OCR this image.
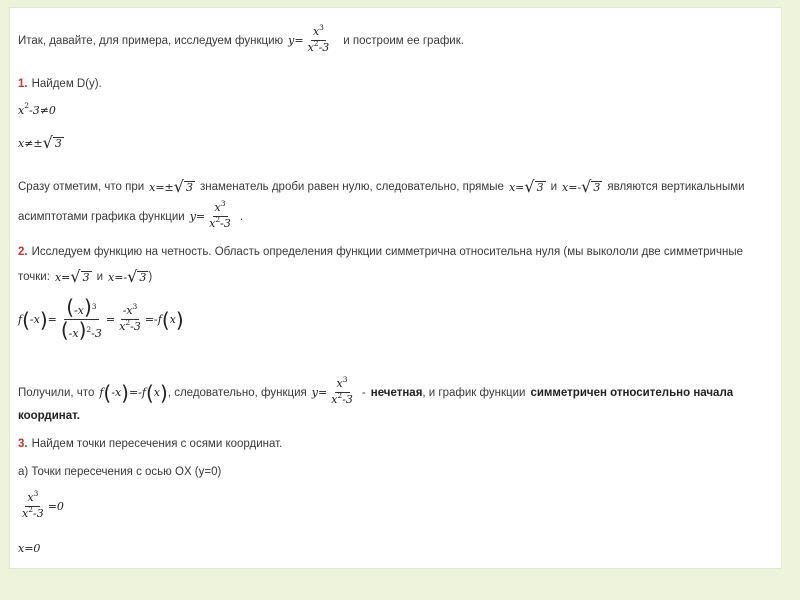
Итак, давайте, для примера, исследуем функцию $y= \frac{x^3}{x^2-3}$ и построим ее график.
1. Найдем D(y).
x 2 -3≠0
x≠± √ 3
Сразу отметим, что при x=± √ 3 знаменатель дроби равен нулю, следовательно, прямые x= √ 3 и x=- √ 3 являются вертикальными
асимптотами графика функции $y= \frac{x^3}{x^2-3}$ .
2. Исследуем функцию на четность. Область определения функции симметрична относительна нуля (мы выкололи две симметричные
точки: x= √ 3 и x=- √ 3 )
f ( -x ) = $\frac{(-x)^3}{(-x)^2-3} = \frac{-x^3}{x^2-3} =-f$ ( x )
Получили, что f ( -x ) =-f ( x ) , следовательно, функция $y= \frac{x^3}{x^2-3}$ - нечетная , и график функции симметричен относительно начала
координат.
3. Найдем точки пересечения с осями координат.
а) Точки пересечения с осью OX (y=0)
$\frac{x^3}{x^2-3} =0$
x=0
